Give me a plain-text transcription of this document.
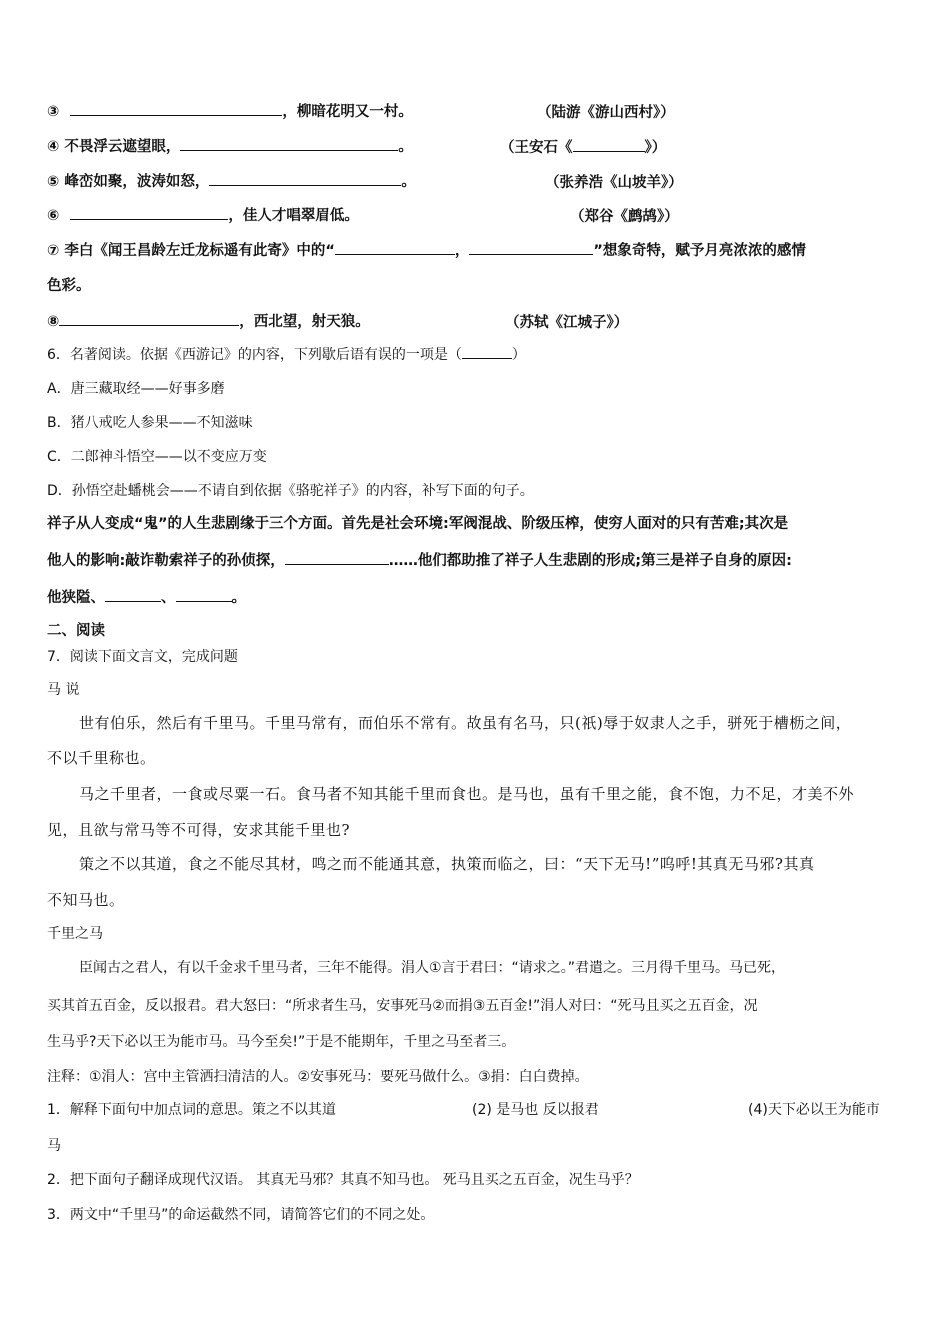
③	，柳暗花明又一村。	（陆游《游山西村》）
④ 不畏浮云遮望眼，	。	（王安石《	》）
⑤ 峰峦如聚，波涛如怒，	。	（张养浩《山坡羊》）
⑥	，佳人才唱翠眉低。	（郑谷《鹧鸪》）
⑦ 李白《闻王昌龄左迁龙标遥有此寄》中的“	，	”想象奇特，赋予月亮浓浓的感情
色彩。
⑧	，西北望，射天狼。	（苏轼《江城子》）
6．名著阅读。依据《西游记》的内容，下列歇后语有误的一项是（	）
A．唐三藏取经——好事多磨
B．猪八戒吃人参果——不知滋味
C．二郎神斗悟空——以不变应万变
D．孙悟空赴蟠桃会——不请自到依据《骆驼祥子》的内容，补写下面的句子。
祥子从人变成“鬼”的人生悲剧缘于三个方面。首先是社会环境:军阀混战、阶级压榨，使穷人面对的只有苦难;其次是
他人的影响:敲诈勒索祥子的孙侦探，	……他们都助推了祥子人生悲剧的形成;第三是祥子自身的原因:
他狭隘、	、	。
二、阅读
7．阅读下面文言文，完成问题
马 说
世有伯乐，然后有千里马。千里马常有，而伯乐不常有。故虽有名马，只(祇)辱于奴隶人之手，骈死于槽枥之间，
不以千里称也。
马之千里者，一食或尽粟一石。食马者不知其能千里而食也。是马也，虽有千里之能，食不饱，力不足，才美不外
见，且欲与常马等不可得，安求其能千里也?
策之不以其道，食之不能尽其材，鸣之而不能通其意，执策而临之，曰：“天下无马!”呜呼!其真无马邪?其真
不知马也。
千里之马
臣闻古之君人，有以千金求千里马者，三年不能得。涓人①言于君曰：“请求之。”君遣之。三月得千里马。马已死，
买其首五百金，反以报君。君大怒曰：“所求者生马，安事死马②而捐③五百金!”涓人对曰：“死马且买之五百金，况
生马乎?天下必以王为能市马。马今至矣!”于是不能期年，千里之马至者三。
注释：①涓人：宫中主管洒扫清洁的人。②安事死马：要死马做什么。③捐：白白费掉。
1．解释下面句中加点词的意思。策之不以其道	(2) 是马也 反以报君	(4)天下必以王为能市
马
2．把下面句子翻译成现代汉语。 其真无马邪？其真不知马也。 死马且买之五百金，况生马乎？
3．两文中“千里马”的命运截然不同，请简答它们的不同之处。
